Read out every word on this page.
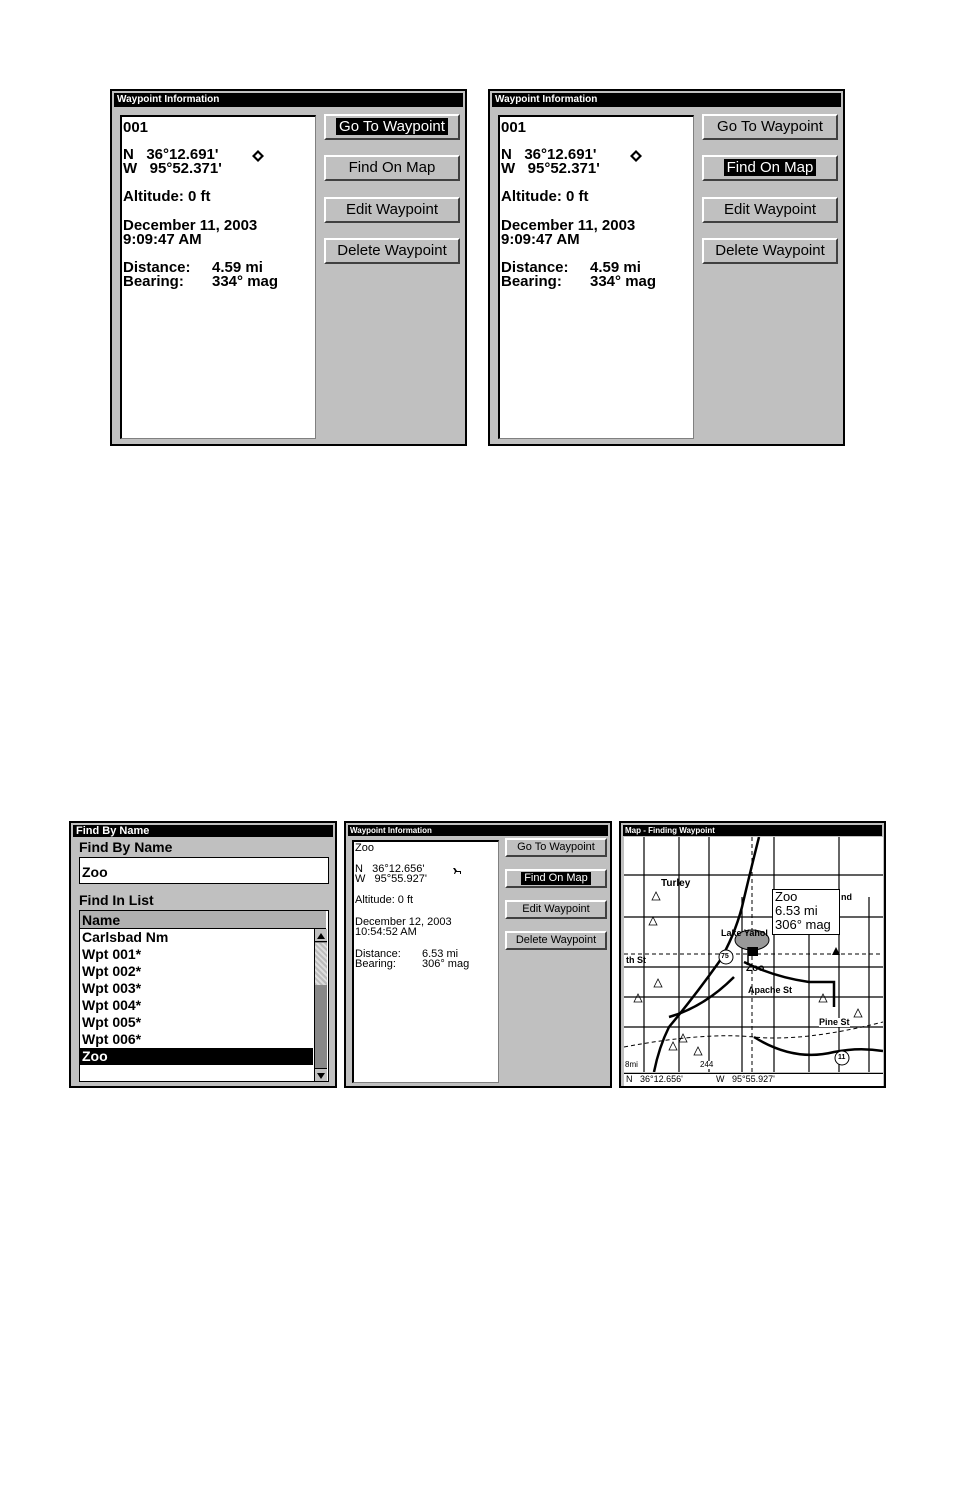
Waypoint Information
001
N   36°12.691'
W   95°52.371'
Altitude: 0 ft
December 11, 2003
9:09:47 AM
Distance: 4.59 mi
Bearing: 334° mag
Go To Waypoint
Find On Map
Edit Waypoint
Delete Waypoint
Waypoint Information
001
N   36°12.691'
W   95°52.371'
Altitude: 0 ft
December 11, 2003
9:09:47 AM
Distance: 4.59 mi
Bearing: 334° mag
Go To Waypoint
Find On Map
Edit Waypoint
Delete Waypoint
Find By Name
Find By Name
Zoo
Find In List
Name
Carlsbad Nm
Wpt 001*
Wpt 002*
Wpt 003*
Wpt 004*
Wpt 005*
Wpt 006*
Zoo
Waypoint Information
Zoo
N   36°12.656'
W   95°55.927'
Altitude: 0 ft
December 12, 2003
10:54:52 AM
Distance: 6.53 mi
Bearing: 306° mag
Go To Waypoint
Find On Map
Edit Waypoint
Delete Waypoint
Map - Finding Waypoint
Zoo
6.53 mi
306° mag
nd
Turley
Lake Yahol
th St
Zoo
Apache St
Pine St
75
11
244
8mi
N   36°12.656'	W   95°55.927'
